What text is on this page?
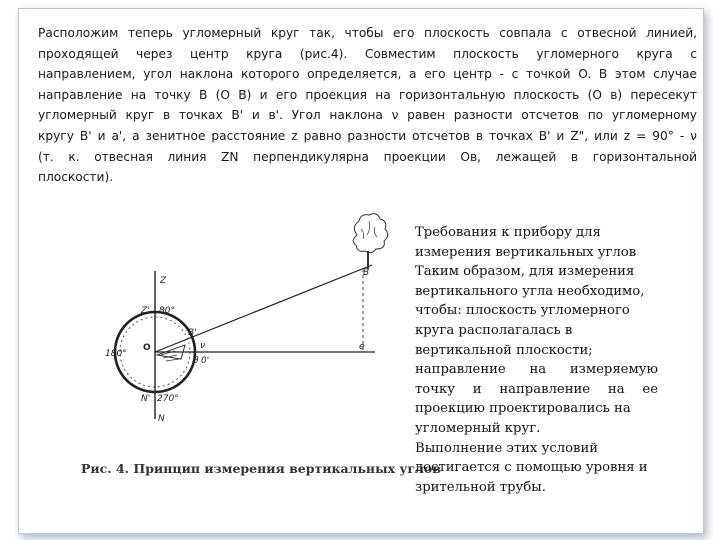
Расположим теперь угломерный круг так, чтобы его плоскость совпала с отвесной линией,
проходящей через центр круга (рис.4). Совместим плоскость угломерного круга с
направлением, угол наклона которого определяется, а его центр - с точкой O. В этом случае
направление на точку B (O B) и его проекция на горизонтальную плоскость (O в) пересекут
угломерный круг в точках B' и в'. Угол наклона ν равен разности отсчетов по угломерному
кругу B' и a', а зенитное расстояние z равно разности отсчетов в точках B' и Z", или z = 90° - ν
(т. к. отвесная линия ZN перпендикулярна проекции Ов, лежащей в горизонтальной
плоскости).
Z
Z' 80°
B'
B
180°
O	ν
θ 0'
e
N' 270°
N
Рис. 4. Принцип измерения вертикальных углов
Требования к прибору для
измерения вертикальных углов
Таким образом, для измерения
вертикального угла необходимо,
чтобы: плоскость угломерного
круга располагалась в
вертикальной плоскости;
направление на измеряемую
точку и направление на ее
проекцию проектировались на
угломерный круг.
Выполнение этих условий
достигается с помощью уровня и
зрительной трубы.
